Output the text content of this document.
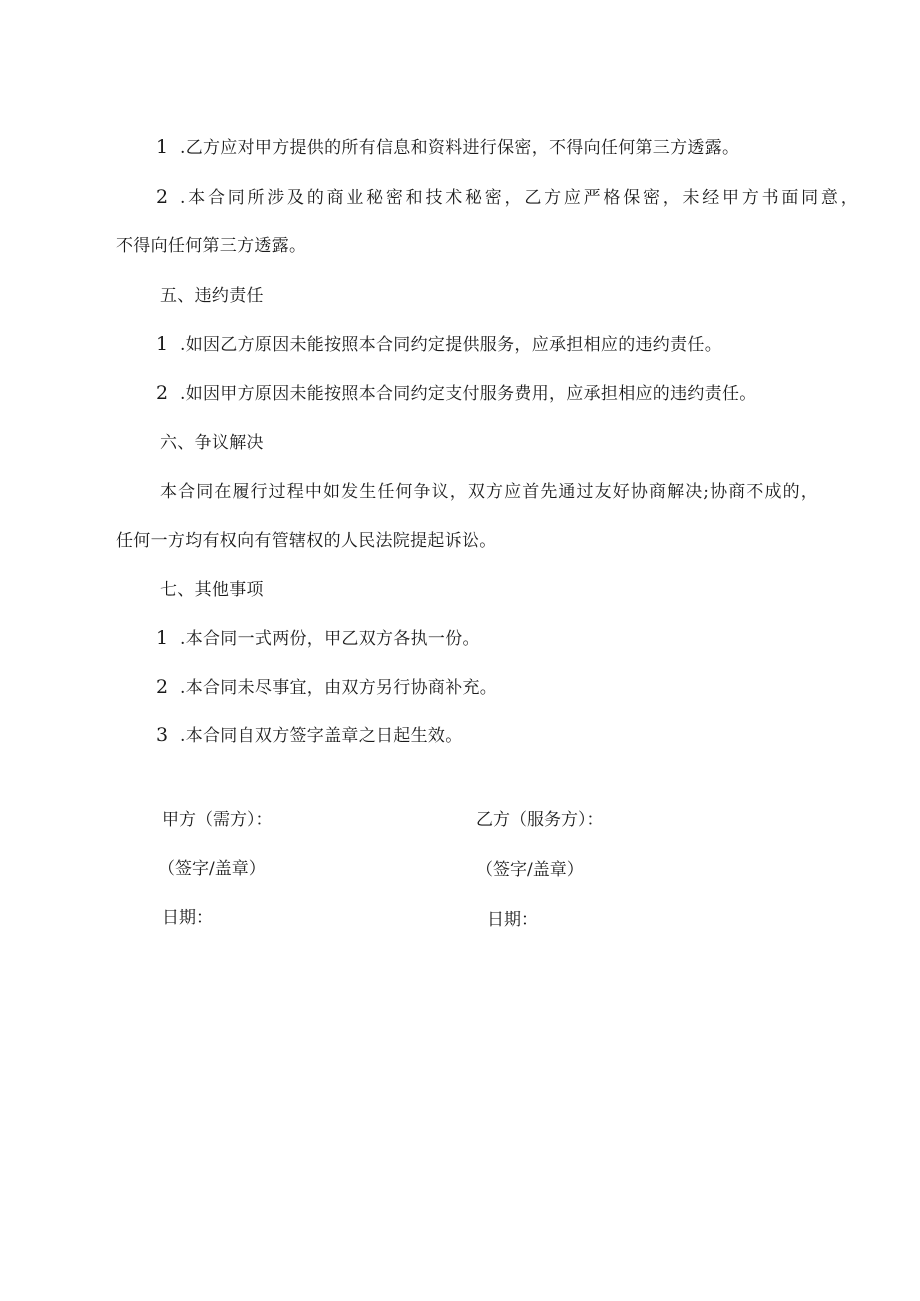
1 .乙方应对甲方提供的所有信息和资料进行保密，不得向任何第三方透露。
2 .本合同所涉及的商业秘密和技术秘密，乙方应严格保密，未经甲方书面同意，
不得向任何第三方透露。
五、违约责任
1 .如因乙方原因未能按照本合同约定提供服务，应承担相应的违约责任。
2 .如因甲方原因未能按照本合同约定支付服务费用，应承担相应的违约责任。
六、争议解决
本合同在履行过程中如发生任何争议，双方应首先通过友好协商解决;协商不成的，
任何一方均有权向有管辖权的人民法院提起诉讼。
七、其他事项
1 .本合同一式两份，甲乙双方各执一份。
2 .本合同未尽事宜，由双方另行协商补充。
3 .本合同自双方签字盖章之日起生效。
甲方（需方）：	乙方（服务方）：
（签字/盖章）	（签字/盖章）
日期：	日期：
